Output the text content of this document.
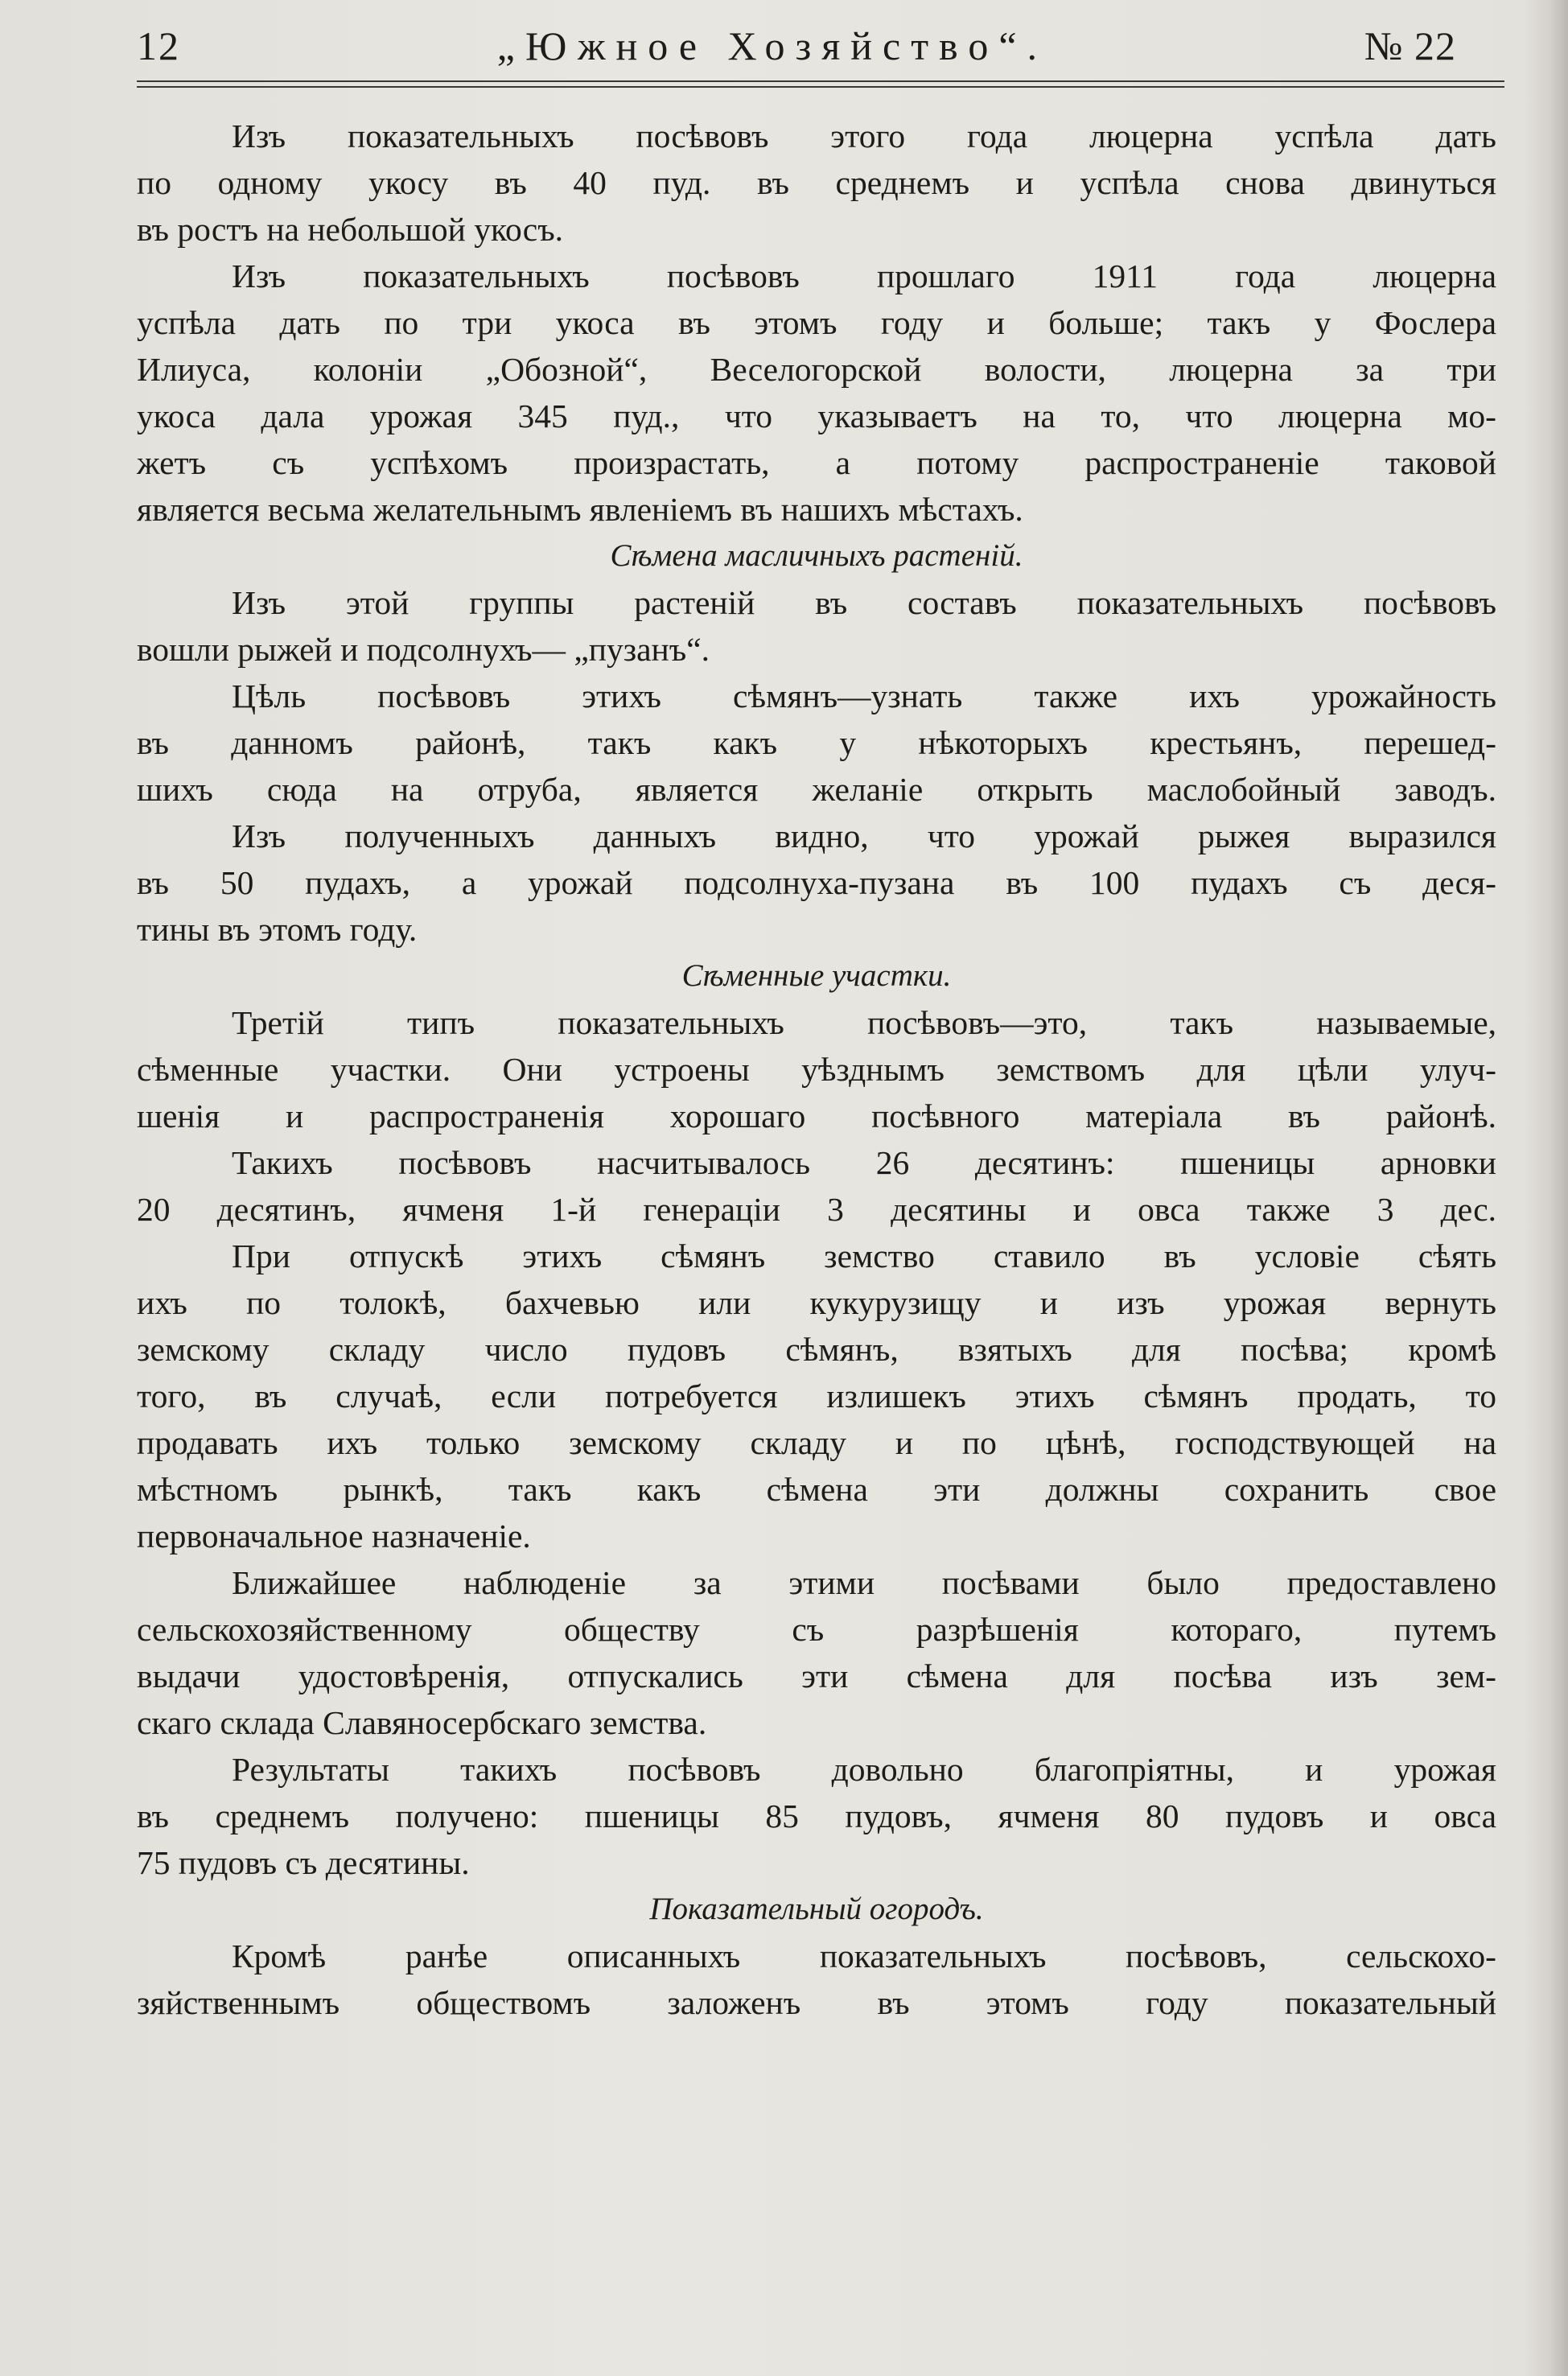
12	„Южное Хозяйство“.	№ 22
Изъ показательныхъ посѣвовъ этого года люцерна успѣла дать
по одному укосу въ 40 пуд. въ среднемъ и успѣла снова двинуться
въ ростъ на небольшой укосъ.
Изъ показательныхъ посѣвовъ прошлаго 1911 года люцерна
успѣла дать по три укоса въ этомъ году и больше; такъ у Фослера
Илиуса, колоніи „Обозной“, Веселогорской волости, люцерна за три
укоса дала урожая 345 пуд., что указываетъ на то, что люцерна мо-
жетъ съ успѣхомъ произрастать, а потому распространеніе таковой
является весьма желательнымъ явленіемъ въ нашихъ мѣстахъ.
Сѣмена масличныхъ растеній.
Изъ этой группы растеній въ составъ показательныхъ посѣвовъ
вошли рыжей и подсолнухъ— „пузанъ“.
Цѣль посѣвовъ этихъ сѣмянъ—узнать также ихъ урожайность
въ данномъ районѣ, такъ какъ у нѣкоторыхъ крестьянъ, перешед-
шихъ сюда на отруба, является желаніе открыть маслобойный заводъ.
Изъ полученныхъ данныхъ видно, что урожай рыжея выразился
въ 50 пудахъ, а урожай подсолнуха-пузана въ 100 пудахъ съ деся-
тины въ этомъ году.
Сѣменные участки.
Третій типъ показательныхъ посѣвовъ—это, такъ называемые,
сѣменные участки. Они устроены уѣзднымъ земствомъ для цѣли улуч-
шенія и распространенія хорошаго посѣвного матеріала въ районѣ.
Такихъ посѣвовъ насчитывалось 26 десятинъ: пшеницы арновки
20 десятинъ, ячменя 1-й генераціи 3 десятины и овса также 3 дес.
При отпускѣ этихъ сѣмянъ земство ставило въ условіе сѣять
ихъ по толокѣ, бахчевью или кукурузищу и изъ урожая вернуть
земскому складу число пудовъ сѣмянъ, взятыхъ для посѣва; кромѣ
того, въ случаѣ, если потребуется излишекъ этихъ сѣмянъ продать, то
продавать ихъ только земскому складу и по цѣнѣ, господствующей на
мѣстномъ рынкѣ, такъ какъ сѣмена эти должны сохранить свое
первоначальное назначеніе.
Ближайшее наблюденіе за этими посѣвами было предоставлено
сельскохозяйственному обществу съ разрѣшенія котораго, путемъ
выдачи удостовѣренія, отпускались эти сѣмена для посѣва изъ зем-
скаго склада Славяносербскаго земства.
Результаты такихъ посѣвовъ довольно благопріятны, и урожая
въ среднемъ получено: пшеницы 85 пудовъ, ячменя 80 пудовъ и овса
75 пудовъ съ десятины.
Показательный огородъ.
Кромѣ ранѣе описанныхъ показательныхъ посѣвовъ, сельскохо-
зяйственнымъ обществомъ заложенъ въ этомъ году показательный
